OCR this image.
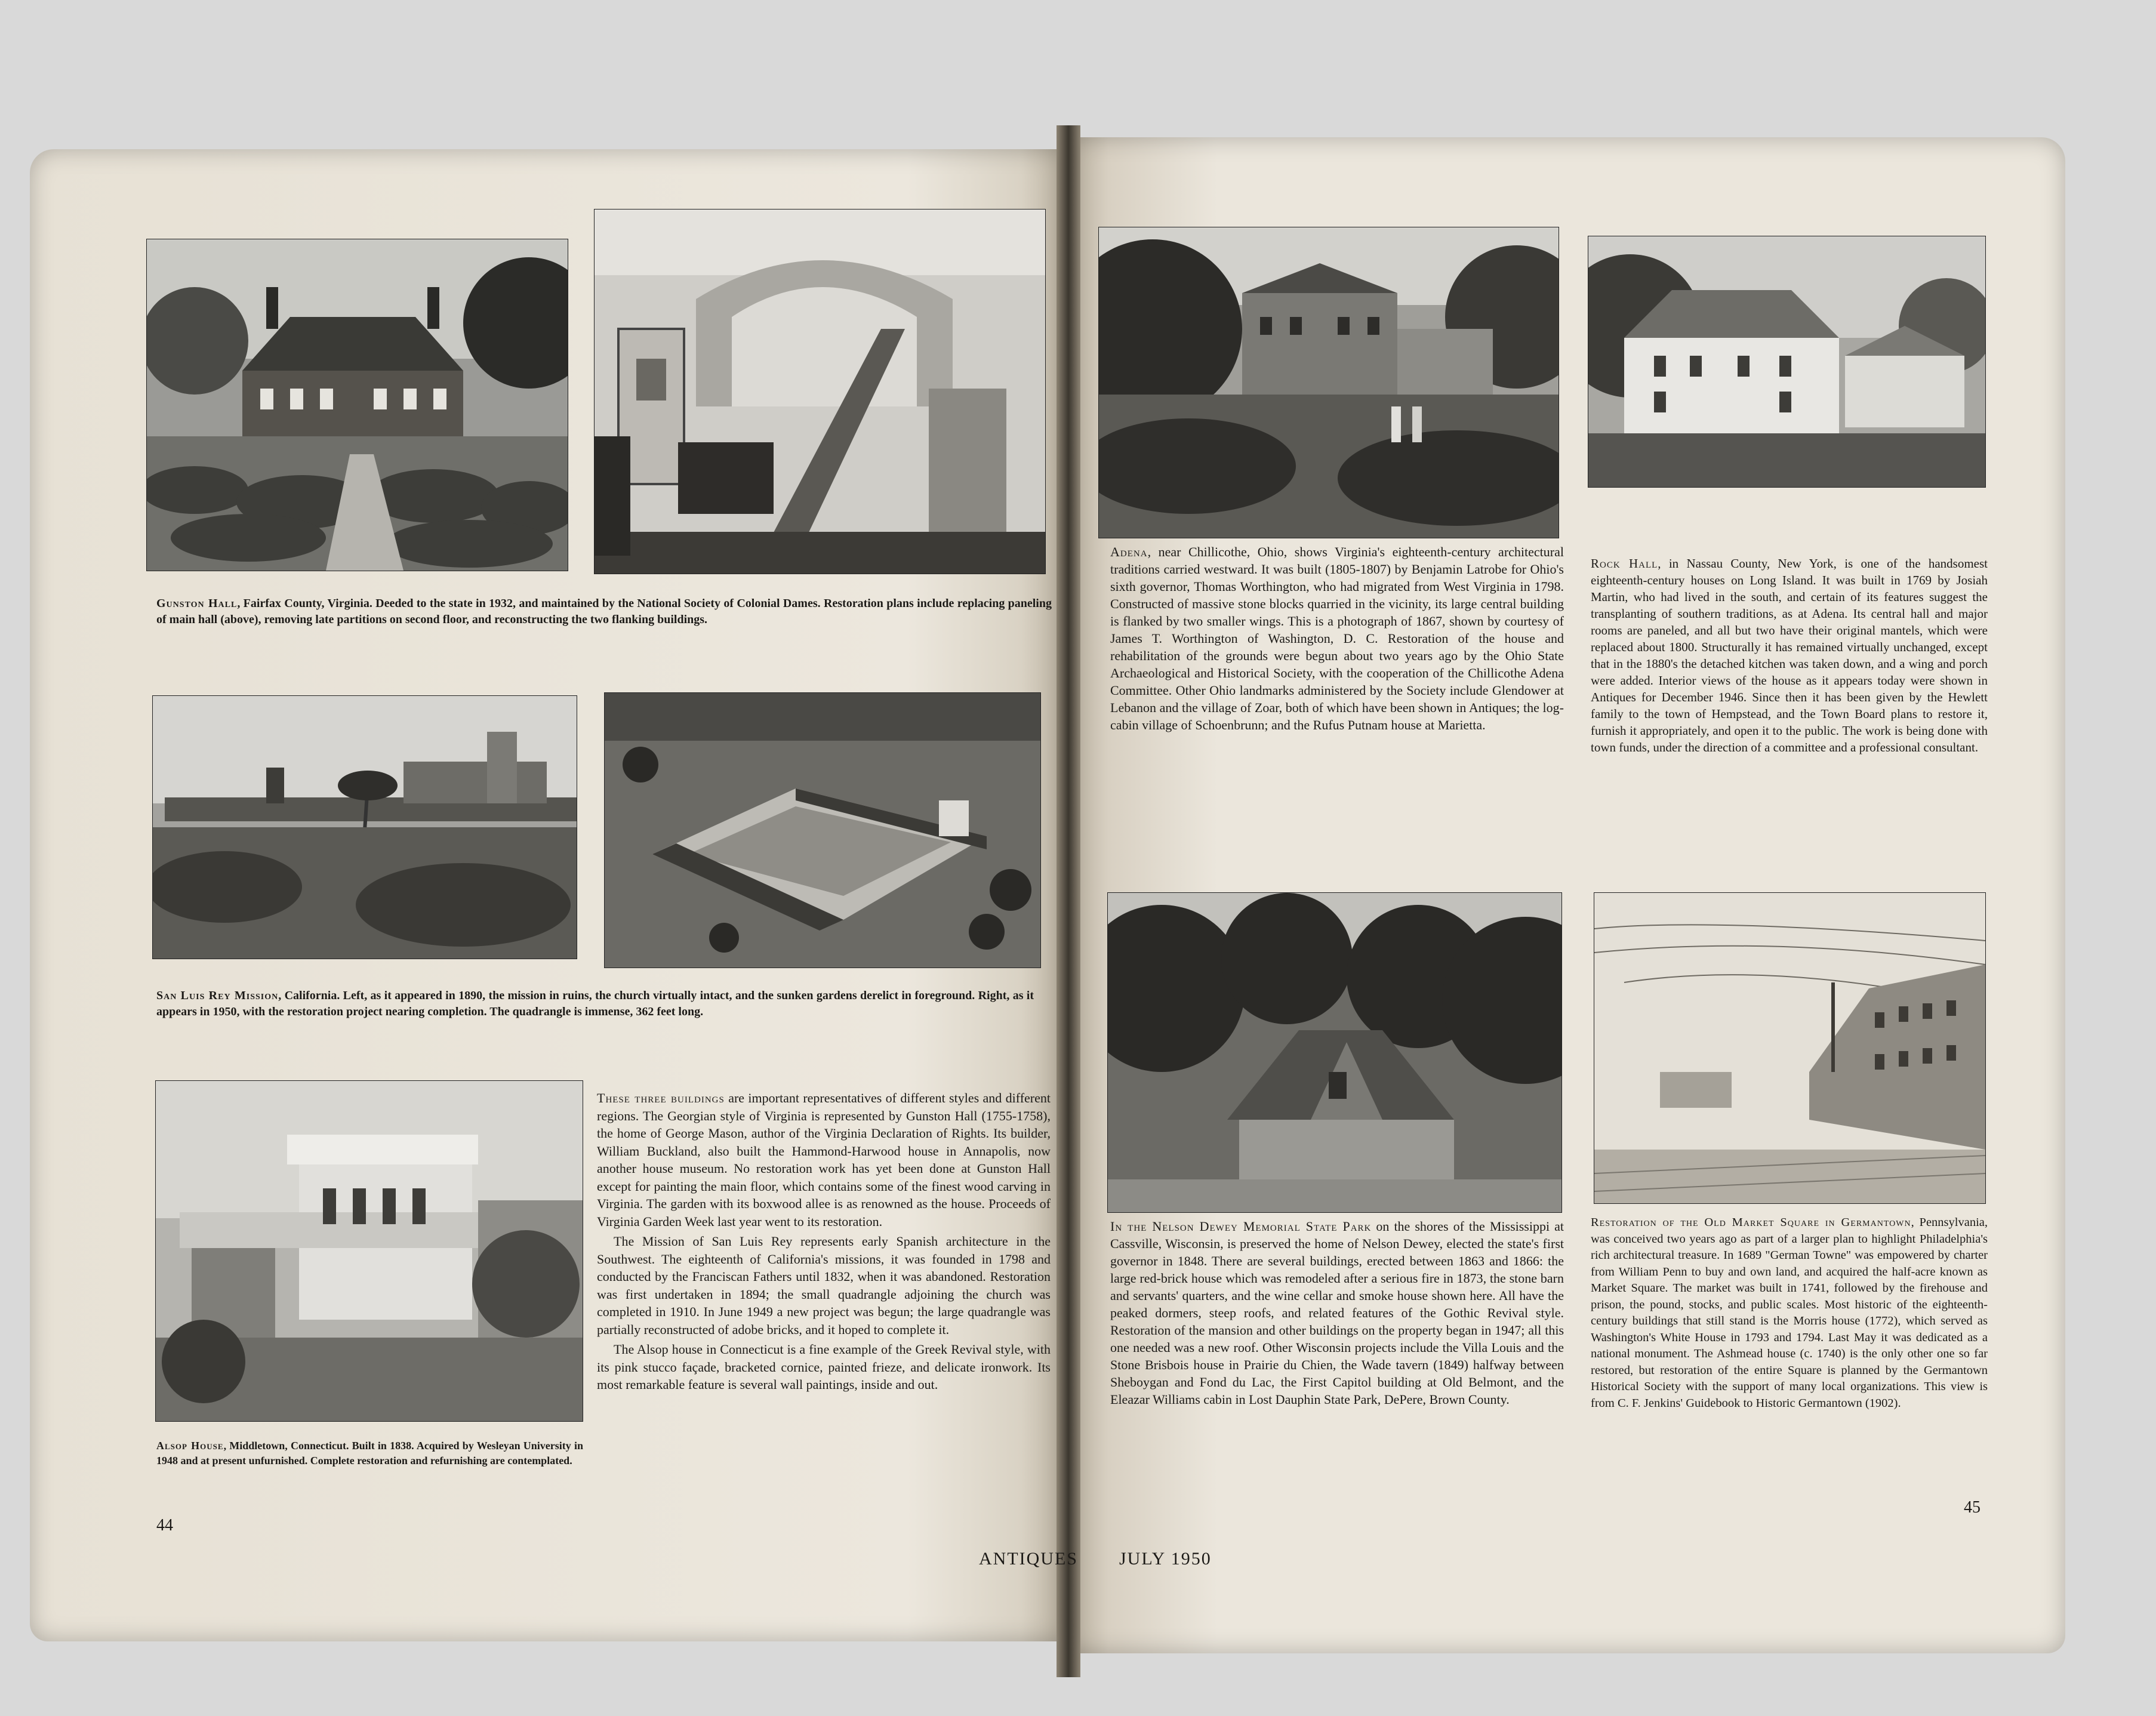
Gunston Hall, Fairfax County, Virginia. Deeded to the state in 1932, and maintained by the National Society of Colonial Dames. Restoration plans include replacing paneling of main hall (above), removing late partitions on second floor, and reconstructing the two flanking buildings.

San Luis Rey Mission, California. Left, as it appeared in 1890, the mission in ruins, the church virtually intact, and the sunken gardens derelict in foreground. Right, as it appears in 1950, with the restoration project nearing completion. The quadrangle is immense, 362 feet long.

Alsop House, Middletown, Connecticut. Built in 1838. Acquired by Wesleyan University in 1948 and at present unfurnished. Complete restoration and refurnishing are contemplated.

These three buildings are important representatives of different styles and different regions. The Georgian style of Virginia is represented by Gunston Hall (1755-1758), the home of George Mason, author of the Virginia Declaration of Rights. Its builder, William Buckland, also built the Hammond-Harwood house in Annapolis, now another house museum. No restoration work has yet been done at Gunston Hall except for painting the main floor, which contains some of the finest wood carving in Virginia. The garden with its boxwood allee is as renowned as the house. Proceeds of Virginia Garden Week last year went to its restoration.

The Mission of San Luis Rey represents early Spanish architecture in the Southwest. The eighteenth of California's missions, it was founded in 1798 and conducted by the Franciscan Fathers until 1832, when it was abandoned. Restoration was first undertaken in 1894; the small quadrangle adjoining the church was completed in 1910. In June 1949 a new project was begun; the large quadrangle was partially reconstructed of adobe bricks, and it hoped to complete it.

The Alsop house in Connecticut is a fine example of the Greek Revival style, with its pink stucco façade, bracketed cornice, painted frieze, and delicate ironwork. Its most remarkable feature is several wall paintings, inside and out.

44
ANTIQUES

Adena, near Chillicothe, Ohio, shows Virginia's eighteenth-century architectural traditions carried westward. It was built (1805-1807) by Benjamin Latrobe for Ohio's sixth governor, Thomas Worthington, who had migrated from West Virginia in 1798. Constructed of massive stone blocks quarried in the vicinity, its large central building is flanked by two smaller wings. This is a photograph of 1867, shown by courtesy of James T. Worthington of Washington, D. C. Restoration of the house and rehabilitation of the grounds were begun about two years ago by the Ohio State Archaeological and Historical Society, with the cooperation of the Chillicothe Adena Committee. Other Ohio landmarks administered by the Society include Glendower at Lebanon and the village of Zoar, both of which have been shown in Antiques; the log-cabin village of Schoenbrunn; and the Rufus Putnam house at Marietta.

Rock Hall, in Nassau County, New York, is one of the handsomest eighteenth-century houses on Long Island. It was built in 1769 by Josiah Martin, who had lived in the south, and certain of its features suggest the transplanting of southern traditions, as at Adena. Its central hall and major rooms are paneled, and all but two have their original mantels, which were replaced about 1800. Structurally it has remained virtually unchanged, except that in the 1880's the detached kitchen was taken down, and a wing and porch were added. Interior views of the house as it appears today were shown in Antiques for December 1946. Since then it has been given by the Hewlett family to the town of Hempstead, and the Town Board plans to restore it, furnish it appropriately, and open it to the public. The work is being done with town funds, under the direction of a committee and a professional consultant.

In the Nelson Dewey Memorial State Park on the shores of the Mississippi at Cassville, Wisconsin, is preserved the home of Nelson Dewey, elected the state's first governor in 1848. There are several buildings, erected between 1863 and 1866: the large red-brick house which was remodeled after a serious fire in 1873, the stone barn and servants' quarters, and the wine cellar and smoke house shown here. All have the peaked dormers, steep roofs, and related features of the Gothic Revival style. Restoration of the mansion and other buildings on the property began in 1947; all this one needed was a new roof. Other Wisconsin projects include the Villa Louis and the Stone Brisbois house in Prairie du Chien, the Wade tavern (1849) halfway between Sheboygan and Fond du Lac, the First Capitol building at Old Belmont, and the Eleazar Williams cabin in Lost Dauphin State Park, DePere, Brown County.

Restoration of the Old Market Square in Germantown, Pennsylvania, was conceived two years ago as part of a larger plan to highlight Philadelphia's rich architectural treasure. In 1689 "German Towne" was empowered by charter from William Penn to buy and own land, and acquired the half-acre known as Market Square. The market was built in 1741, followed by the firehouse and prison, the pound, stocks, and public scales. Most historic of the eighteenth-century buildings that still stand is the Morris house (1772), which served as Washington's White House in 1793 and 1794. Last May it was dedicated as a national monument. The Ashmead house (c. 1740) is the only other one so far restored, but restoration of the entire Square is planned by the Germantown Historical Society with the support of many local organizations. This view is from C. F. Jenkins' Guidebook to Historic Germantown (1902).

JULY 1950
45
